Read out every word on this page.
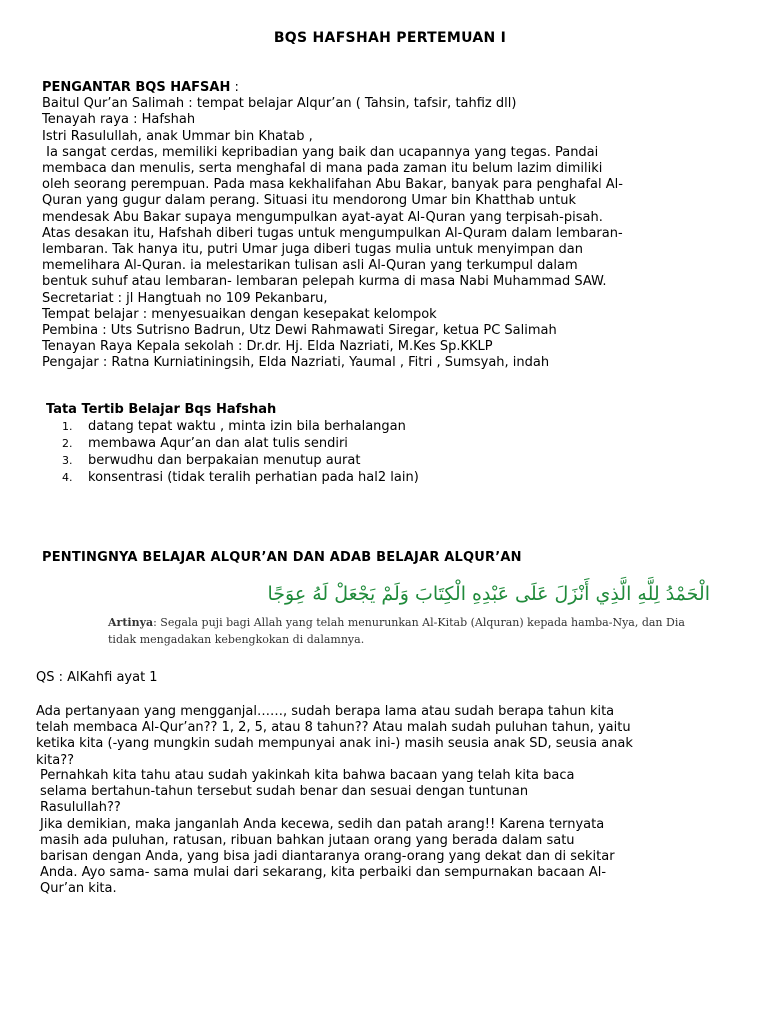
BQS HAFSHAH PERTEMUAN I
PENGANTAR BQS HAFSAH :
Baitul Qur’an Salimah : tempat belajar Alqur’an ( Tahsin, tafsir, tahfiz dll)
Tenayah raya : Hafshah
Istri Rasulullah, anak Ummar bin Khatab ,
Ia sangat cerdas, memiliki kepribadian yang baik dan ucapannya yang tegas. Pandai
membaca dan menulis, serta menghafal di mana pada zaman itu belum lazim dimiliki
oleh seorang perempuan. Pada masa kekhalifahan Abu Bakar, banyak para penghafal Al-
Quran yang gugur dalam perang. Situasi itu mendorong Umar bin Khatthab untuk
mendesak Abu Bakar supaya mengumpulkan ayat-ayat Al-Quran yang terpisah-pisah.
Atas desakan itu, Hafshah diberi tugas untuk mengumpulkan Al-Quram dalam lembaran-
lembaran. Tak hanya itu, putri Umar juga diberi tugas mulia untuk menyimpan dan
memelihara Al-Quran. ia melestarikan tulisan asli Al-Quran yang terkumpul dalam
bentuk suhuf atau lembaran- lembaran pelepah kurma di masa Nabi Muhammad SAW.
Secretariat : jl Hangtuah no 109 Pekanbaru,
Tempat belajar : menyesuaikan dengan kesepakat kelompok
Pembina : Uts Sutrisno Badrun, Utz Dewi Rahmawati Siregar, ketua PC Salimah
Tenayan Raya Kepala sekolah : Dr.dr. Hj. Elda Nazriati, M.Kes Sp.KKLP
Pengajar : Ratna Kurniatiningsih, Elda Nazriati, Yaumal , Fitri , Sumsyah, indah
Tata Tertib Belajar Bqs Hafshah
1. datang tepat waktu , minta izin bila berhalangan
2. membawa Aqur’an dan alat tulis sendiri
3. berwudhu dan berpakaian menutup aurat
4. konsentrasi (tidak teralih perhatian pada hal2 lain)
PENTINGNYA BELAJAR ALQUR’AN DAN ADAB BELAJAR ALQUR’AN
الْحَمْدُ لِلَّهِ الَّذِي أَنْزَلَ عَلَى عَبْدِهِ الْكِتَابَ وَلَمْ يَجْعَلْ لَهُ عِوَجًا
Artinya: Segala puji bagi Allah yang telah menurunkan Al-Kitab (Alquran) kepada hamba-Nya, dan Dia tidak mengadakan kebengkokan di dalamnya.
QS : AlKahfi ayat 1
Ada pertanyaan yang mengganjal……, sudah berapa lama atau sudah berapa tahun kita
telah membaca Al-Qur’an?? 1, 2, 5, atau 8 tahun?? Atau malah sudah puluhan tahun, yaitu
ketika kita (-yang mungkin sudah mempunyai anak ini-) masih seusia anak SD, seusia anak
kita??
Pernahkah kita tahu atau sudah yakinkah kita bahwa bacaan yang telah kita baca
selama bertahun-tahun tersebut sudah benar dan sesuai dengan tuntunan
Rasulullah??
Jika demikian, maka janganlah Anda kecewa, sedih dan patah arang!! Karena ternyata
masih ada puluhan, ratusan, ribuan bahkan jutaan orang yang berada dalam satu
barisan dengan Anda, yang bisa jadi diantaranya orang-orang yang dekat dan di sekitar
Anda. Ayo sama- sama mulai dari sekarang, kita perbaiki dan sempurnakan bacaan Al-
Qur’an kita.
